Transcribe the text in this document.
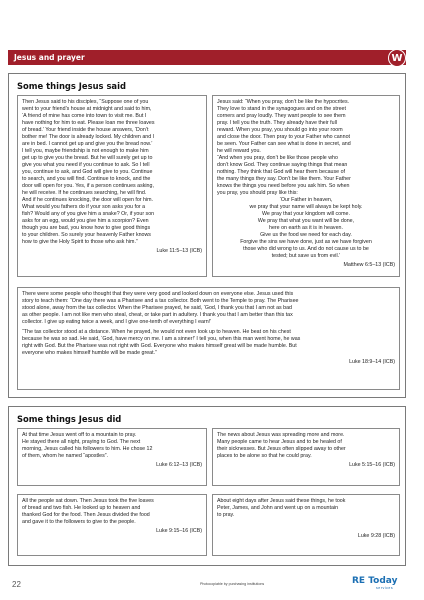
Jesus and prayer	W
Some things Jesus said

Then Jesus said to his disciples, “Suppose one of you
went to your friend’s house at midnight and said to him,
‘A friend of mine has come into town to visit me. But I
have nothing for him to eat. Please loan me three loaves
of bread.’ Your friend inside the house answers, ‘Don’t
bother me! The door is already locked. My children and I
are in bed. I cannot get up and give you the bread now.’
I tell you, maybe friendship is not enough to make him
get up to give you the bread. But he will surely get up to
give you what you need if you continue to ask. So I tell
you, continue to ask, and God will give to you. Continue
to search, and you will find. Continue to knock, and the
door will open for you. Yes, if a person continues asking,
he will receive. If he continues searching, he will find.
And if he continues knocking, the door will open for him.
What would you fathers do if your son asks you for a
fish? Would any of you give him a snake? Or, if your son
asks for an egg, would you give him a scorpion? Even
though you are bad, you know how to give good things
to your children. So surely your heavenly Father knows
how to give the Holy Spirit to those who ask him.”

Luke 11:5–13 (ICB)

Jesus said: “When you pray, don’t be like the hypocrites.
They love to stand in the synagogues and on the street
corners and pray loudly. They want people to see them
pray. I tell you the truth. They already have their full
reward. When you pray, you should go into your room
and close the door. Then pray to your Father who cannot
be seen. Your Father can see what is done in secret, and
he will reward you.
“And when you pray, don’t be like those people who
don’t know God. They continue saying things that mean
nothing. They think that God will hear them because of
the many things they say. Don’t be like them. Your Father
knows the things you need before you ask him. So when
you pray, you should pray like this:

‘Our Father in heaven,
we pray that your name will always be kept holy.
We pray that your kingdom will come.
We pray that what you want will be done,
here on earth as it is in heaven.
Give us the food we need for each day.
Forgive the sins we have done, just as we have forgiven
those who did wrong to us. And do not cause us to be
tested; but save us from evil.’

Matthew 6:5–13 (ICB)

There were some people who thought that they were very good and looked down on everyone else. Jesus used this
story to teach them: “One day there was a Pharisee and a tax collector. Both went to the Temple to pray. The Pharisee
stood alone, away from the tax collector. When the Pharisee prayed, he said, ‘God, I thank you that I am not as bad
as other people. I am not like men who steal, cheat, or take part in adultery. I thank you that I am better than this tax
collector. I give up eating twice a week, and I give one-tenth of everything I earn!’

“The tax collector stood at a distance. When he prayed, he would not even look up to heaven. He beat on his chest
because he was so sad. He said, ‘God, have mercy on me. I am a sinner!’ I tell you, when this man went home, he was
right with God. But the Pharisee was not right with God. Everyone who makes himself great will be made humble. But
everyone who makes himself humble will be made great.”

Luke 18:9–14 (ICB)

Some things Jesus did

At that time Jesus went off to a mountain to pray.
He stayed there all night, praying to God. The next
morning, Jesus called his followers to him. He chose 12
of them, whom he named “apostles”.

Luke 6:12–13 (ICB)

The news about Jesus was spreading more and more.
Many people came to hear Jesus and to be healed of
their sicknesses. But Jesus often slipped away to other
places to be alone so that he could pray.

Luke 5:15–16 (ICB)

All the people sat down. Then Jesus took the five loaves
of bread and two fish. He looked up to heaven and
thanked God for the food. Then Jesus divided the food
and gave it to the followers to give to the people.

Luke 9:15–16 (ICB)

About eight days after Jesus said these things, he took
Peter, James, and John and went up on a mountain
to pray.

Luke 9:28 (ICB)

22	Photocopiable by purchasing institutions	RE Today
services
